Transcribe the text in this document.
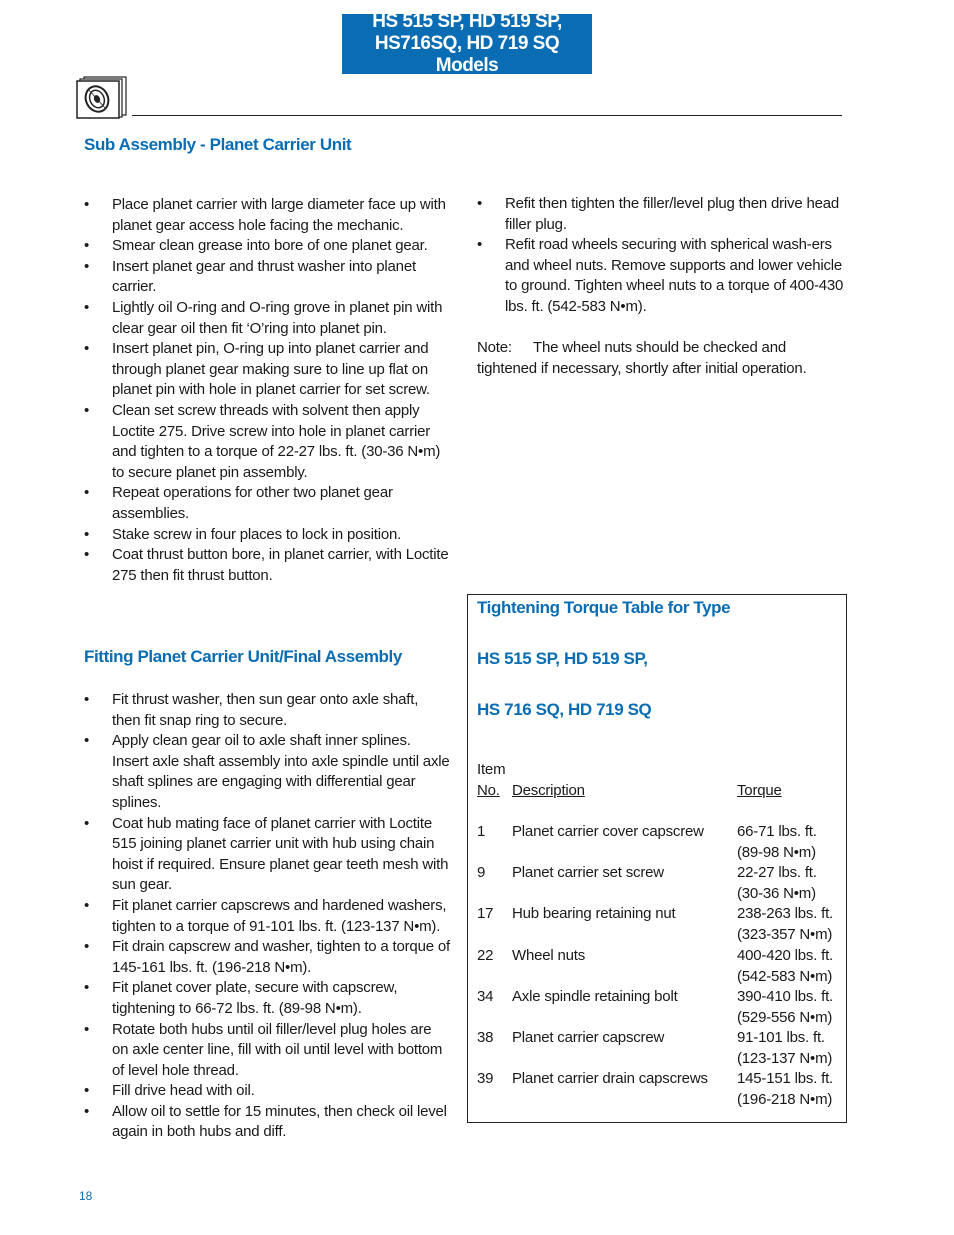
HS 515 SP, HD 519 SP,
HS716SQ, HD 719 SQ Models
Sub Assembly - Planet Carrier Unit
• Place planet carrier with large diameter face up with planet gear access hole facing the mechanic.
• Smear clean grease into bore of one planet gear.
• Insert planet gear and thrust washer into planet carrier.
• Lightly oil O-ring and O-ring grove in planet pin with clear gear oil then fit ‘O’ring into planet pin.
• Insert planet pin, O-ring up into planet carrier and through planet gear making sure to line up flat on planet pin with hole in planet carrier for set screw.
• Clean set screw threads with solvent then apply Loctite 275. Drive screw into hole in planet carrier and tighten to a torque of 22-27 lbs. ft. (30-36 N•m) to secure planet pin assembly.
• Repeat operations for other two planet gear assemblies.
• Stake screw in four places to lock in position.
• Coat thrust button bore, in planet carrier, with Loctite 275 then fit thrust button.
Fitting Planet Carrier Unit/Final Assembly
• Fit thrust washer, then sun gear onto axle shaft, then fit snap ring to secure.
• Apply clean gear oil to axle shaft inner splines. Insert axle shaft assembly into axle spindle until axle shaft splines are engaging with differential gear splines.
• Coat hub mating face of planet carrier with Loctite 515 joining planet carrier unit with hub using chain hoist if required. Ensure planet gear teeth mesh with sun gear.
• Fit planet carrier capscrews and hardened washers, tighten to a torque of 91-101 lbs. ft. (123-137 N•m).
• Fit drain capscrew and washer, tighten to a torque of 145-161 lbs. ft. (196-218 N•m).
• Fit planet cover plate, secure with capscrew, tightening to 66-72 lbs. ft. (89-98 N•m).
• Rotate both hubs until oil filler/level plug holes are on axle center line, fill with oil until level with bottom of level hole thread.
• Fill drive head with oil.
• Allow oil to settle for 15 minutes, then check oil level again in both hubs and diff.
• Refit then tighten the filler/level plug then drive head filler plug.
• Refit road wheels securing with spherical wash-ers and wheel nuts. Remove supports and lower vehicle to ground. Tighten wheel nuts to a torque of 400-430 lbs. ft. (542-583 N•m).

Note: The wheel nuts should be checked and tightened if necessary, shortly after initial operation.

Tightening Torque Table for Type
HS 515 SP, HD 519 SP,
HS 716 SQ, HD 719 SQ
Item
No. Description	Torque
1 Planet carrier cover capscrew 66-71 lbs. ft.
(89-98 N•m)
9 Planet carrier set screw	22-27 lbs. ft.
(30-36 N•m)
17 Hub bearing retaining nut	238-263 lbs. ft.
(323-357 N•m)
22 Wheel nuts	400-420 lbs. ft.
(542-583 N•m)
34 Axle spindle retaining bolt	390-410 lbs. ft.
(529-556 N•m)
38 Planet carrier capscrew	91-101 lbs. ft.
(123-137 N•m)
39 Planet carrier drain capscrews 145-151 lbs. ft.
(196-218 N•m)
18
